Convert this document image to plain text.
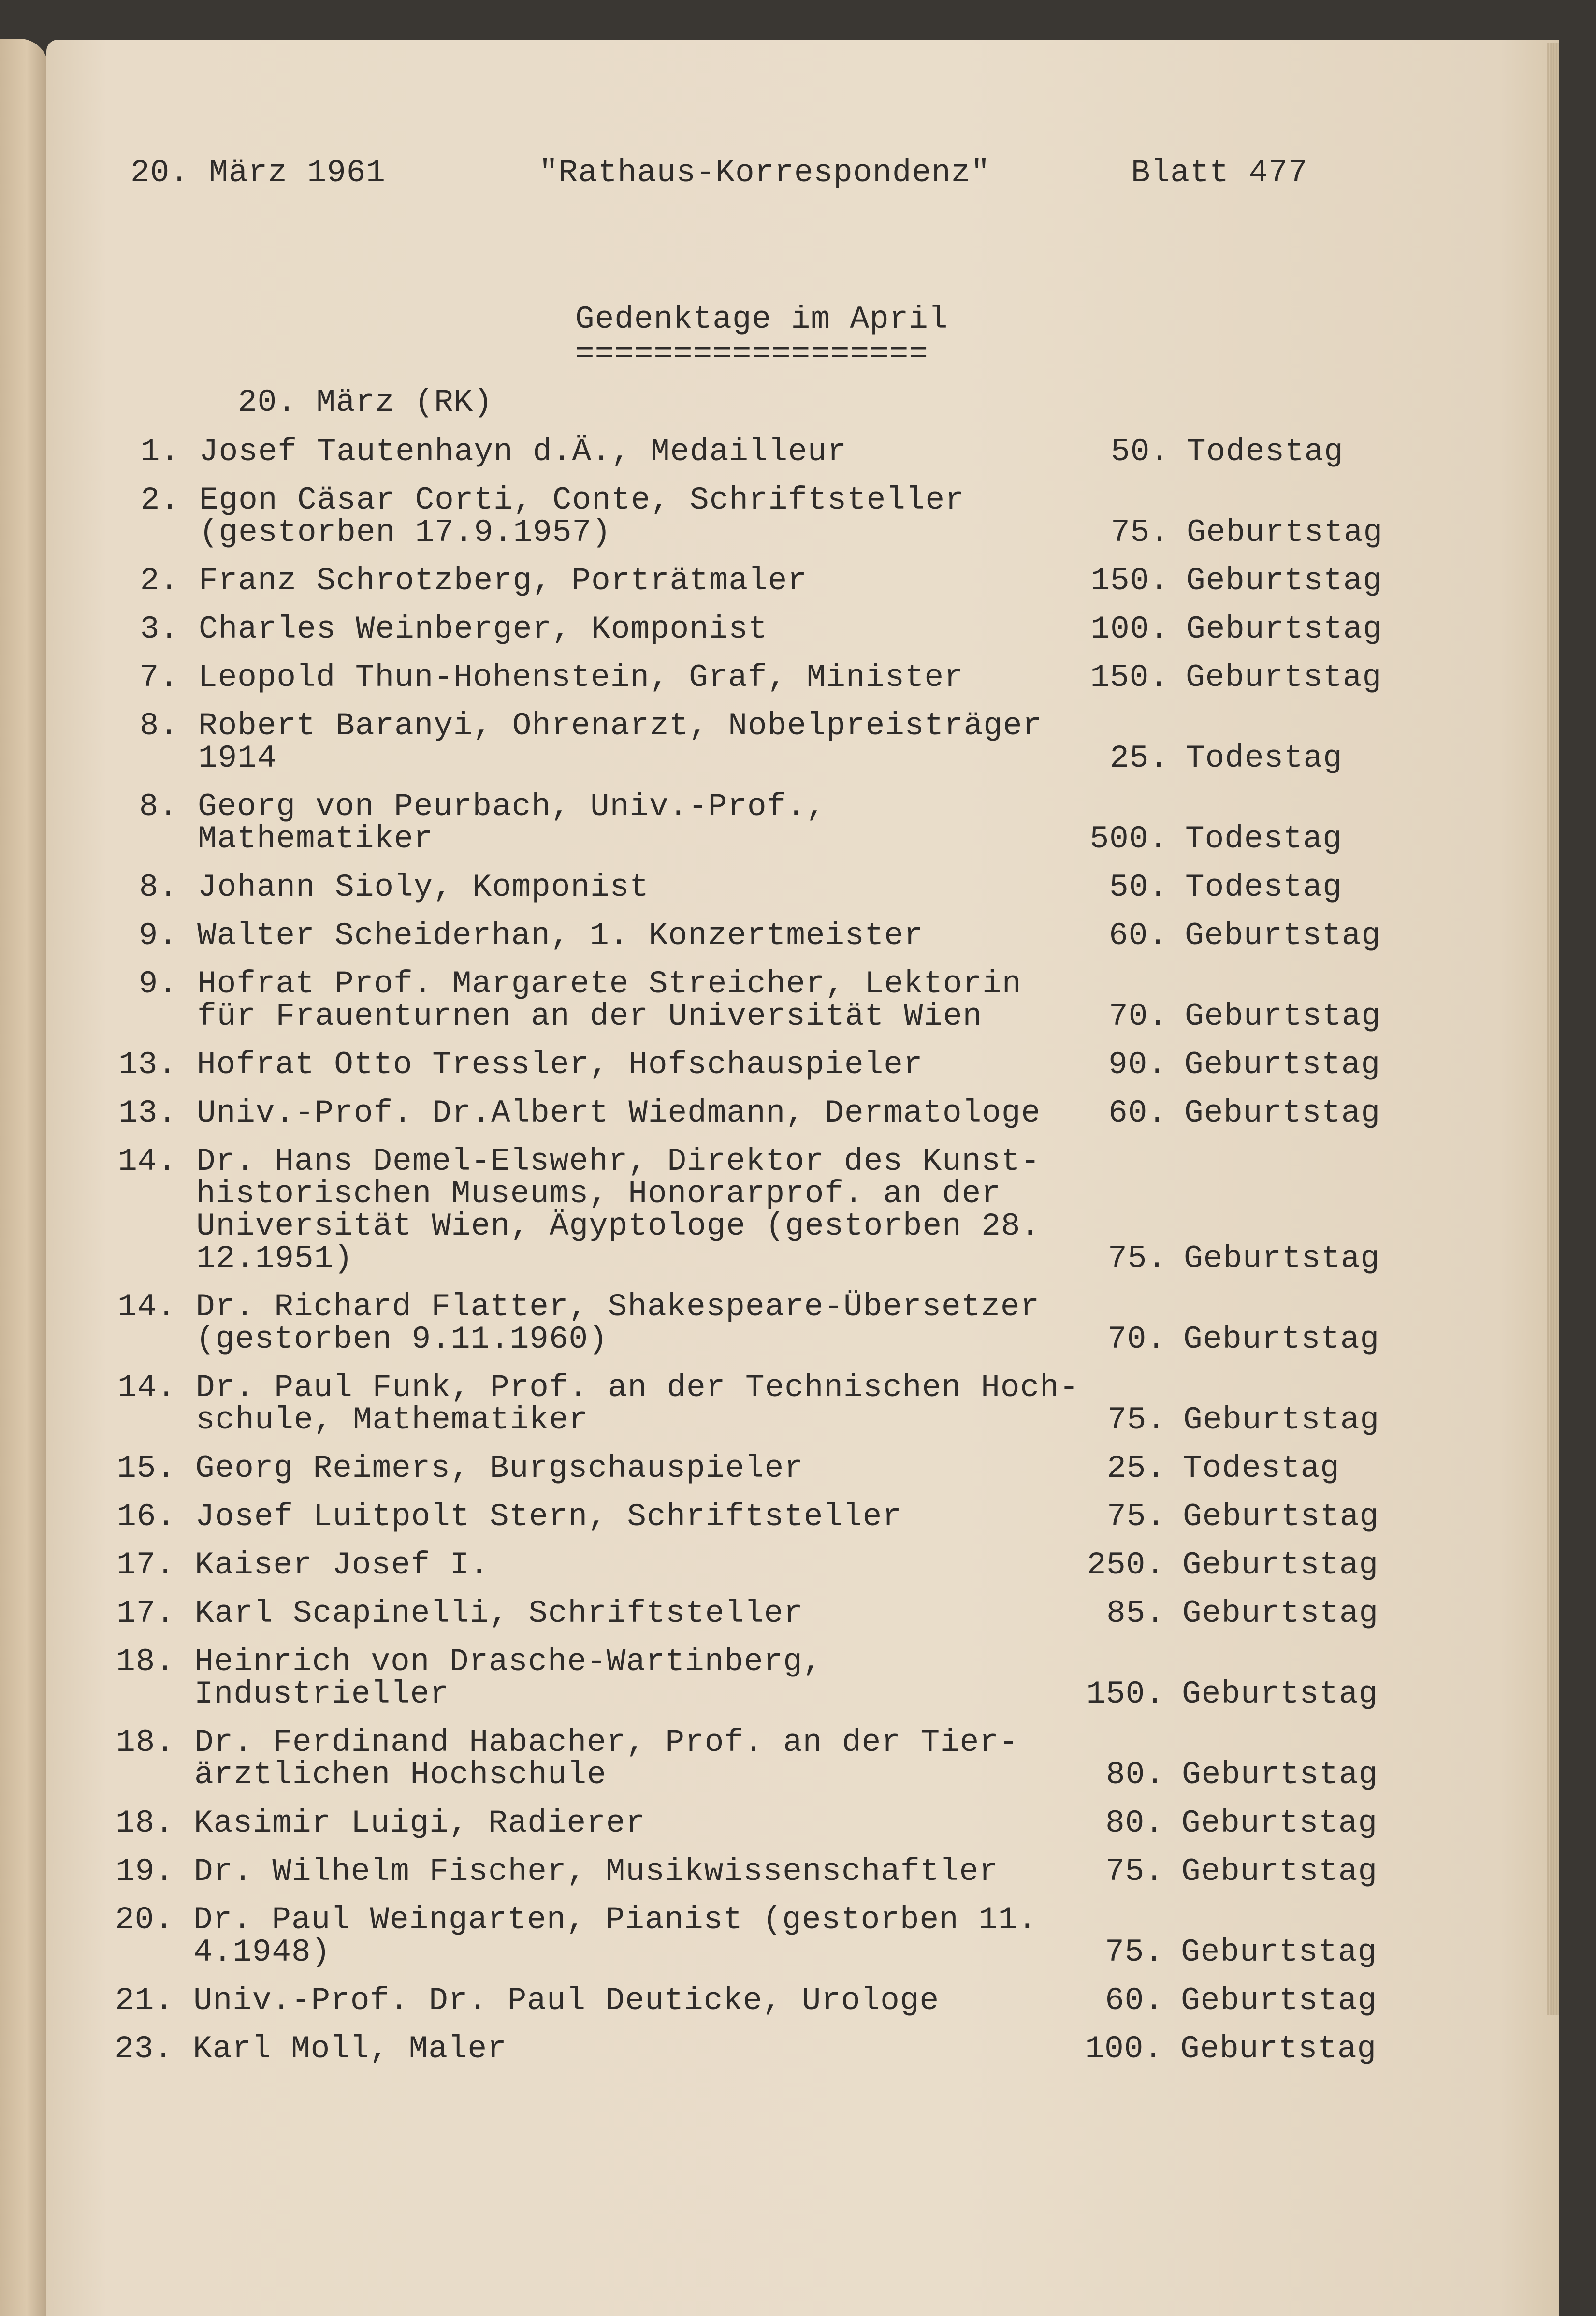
20. März 1961	"Rathaus-Korrespondenz"	Blatt 477
Gedenktage im April
==================
20. März (RK)
1. Josef Tautenhayn d.Ä., Medailleur	50. Todestag
2. Egon Cäsar Corti, Conte, Schriftsteller
(gestorben 17.9.1957)	75. Geburtstag
2. Franz Schrotzberg, Porträtmaler	150. Geburtstag
3. Charles Weinberger, Komponist	100. Geburtstag
7. Leopold Thun-Hohenstein, Graf, Minister	150. Geburtstag
8. Robert Baranyi, Ohrenarzt, Nobelpreisträger
1914	25. Todestag
8. Georg von Peurbach, Univ.-Prof.,
Mathematiker	500. Todestag
8. Johann Sioly, Komponist	50. Todestag
9. Walter Scheiderhan, 1. Konzertmeister	60. Geburtstag
9. Hofrat Prof. Margarete Streicher, Lektorin
für Frauenturnen an der Universität Wien	70. Geburtstag
13. Hofrat Otto Tressler, Hofschauspieler	90. Geburtstag
13. Univ.-Prof. Dr.Albert Wiedmann, Dermatologe	60. Geburtstag
14. Dr. Hans Demel-Elswehr, Direktor des Kunst-
historischen Museums, Honorarprof. an der
Universität Wien, Ägyptologe (gestorben 28.
12.1951)	75. Geburtstag
14. Dr. Richard Flatter, Shakespeare-Übersetzer
(gestorben 9.11.1960)	70. Geburtstag
14. Dr. Paul Funk, Prof. an der Technischen Hoch-
schule, Mathematiker	75. Geburtstag
15. Georg Reimers, Burgschauspieler	25. Todestag
16. Josef Luitpolt Stern, Schriftsteller	75. Geburtstag
17. Kaiser Josef I.	250. Geburtstag
17. Karl Scapinelli, Schriftsteller	85. Geburtstag
18. Heinrich von Drasche-Wartinberg,
Industrieller	150. Geburtstag
18. Dr. Ferdinand Habacher, Prof. an der Tier-
ärztlichen Hochschule	80. Geburtstag
18. Kasimir Luigi, Radierer	80. Geburtstag
19. Dr. Wilhelm Fischer, Musikwissenschaftler	75. Geburtstag
20. Dr. Paul Weingarten, Pianist (gestorben 11.
4.1948)	75. Geburtstag
21. Univ.-Prof. Dr. Paul Deuticke, Urologe	60. Geburtstag
23. Karl Moll, Maler	100. Geburtstag
